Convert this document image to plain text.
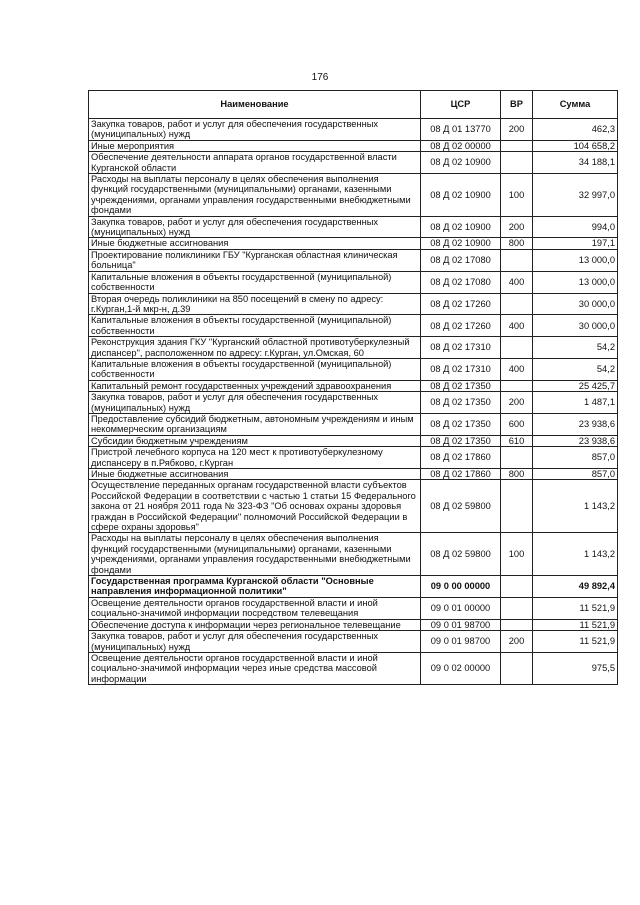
176
Наименование	ЦСР	ВР	Сумма
Закупка товаров, работ и услуг для обеспечения государственных (муниципальных) нужд	08 Д 01 13770	200	462,3
Иные мероприятия	08 Д 02 00000		104 658,2
Обеспечение деятельности аппарата органов государственной власти Курганской области	08 Д 02 10900		34 188,1
Расходы на выплаты персоналу в целях обеспечения выполнения функций государственными (муниципальными) органами, казенными учреждениями, органами управления государственными внебюджетными фондами	08 Д 02 10900	100	32 997,0
Закупка товаров, работ и услуг для обеспечения государственных (муниципальных) нужд	08 Д 02 10900	200	994,0
Иные бюджетные ассигнования	08 Д 02 10900	800	197,1
Проектирование поликлиники ГБУ "Курганская областная клиническая больница"	08 Д 02 17080		13 000,0
Капитальные вложения в объекты государственной (муниципальной) собственности	08 Д 02 17080	400	13 000,0
Вторая очередь поликлиники на 850 посещений в смену по адресу: г.Курган,1-й мкр-н, д.39	08 Д 02 17260		30 000,0
Капитальные вложения в объекты государственной (муниципальной) собственности	08 Д 02 17260	400	30 000,0
Реконструкция здания ГКУ "Курганский областной противотуберкулезный диспансер", расположенном по адресу: г.Курган, ул.Омская, 60	08 Д 02 17310		54,2
Капитальные вложения в объекты государственной (муниципальной) собственности	08 Д 02 17310	400	54,2
Капитальный ремонт государственных учреждений здравоохранения	08 Д 02 17350		25 425,7
Закупка товаров, работ и услуг для обеспечения государственных (муниципальных) нужд	08 Д 02 17350	200	1 487,1
Предоставление субсидий бюджетным, автономным учреждениям и иным некоммерческим организациям	08 Д 02 17350	600	23 938,6
Субсидии бюджетным учреждениям	08 Д 02 17350	610	23 938,6
Пристрой лечебного корпуса на 120 мест к противотуберкулезному диспансеру в п.Рябково, г.Курган	08 Д 02 17860		857,0
Иные бюджетные ассигнования	08 Д 02 17860	800	857,0
Осуществление переданных органам государственной власти субъектов Российской Федерации в соответствии с частью 1 статьи 15 Федерального закона от 21 ноября 2011 года № 323-ФЗ "Об основах охраны здоровья граждан в Российской Федерации" полномочий Российской Федерации в сфере охраны здоровья"	08 Д 02 59800		1 143,2
Расходы на выплаты персоналу в целях обеспечения выполнения функций государственными (муниципальными) органами, казенными учреждениями, органами управления государственными внебюджетными фондами	08 Д 02 59800	100	1 143,2
Государственная программа Курганской области "Основные направления информационной политики"	09 0 00 00000		49 892,4
Освещение деятельности органов государственной власти и иной социально-значимой информации посредством телевещания	09 0 01 00000		11 521,9
Обеспечение доступа к информации через региональное телевещание	09 0 01 98700		11 521,9
Закупка товаров, работ и услуг для обеспечения государственных (муниципальных) нужд	09 0 01 98700	200	11 521,9
Освещение деятельности органов государственной власти и иной социально-значимой информации через иные средства массовой информации	09 0 02 00000		975,5
